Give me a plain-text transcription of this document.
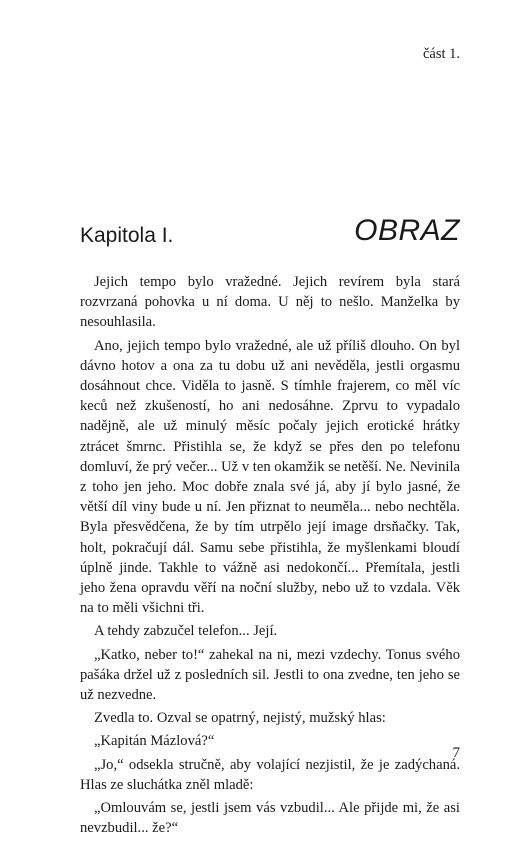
část 1.
Kapitola I.	OBRAZ

Jejich tempo bylo vražedné. Jejich revírem byla stará rozvrzaná pohovka u ní doma. U něj to nešlo. Manželka by nesouhlasila.

Ano, jejich tempo bylo vražedné, ale už příliš dlouho. On byl dávno hotov a ona za tu dobu už ani nevěděla, jestli orgasmu dosáhnout chce. Viděla to jasně. S tímhle frajerem, co měl víc keců než zkušeností, ho ani nedosáhne. Zprvu to vypadalo nadějně, ale už minulý měsíc počaly jejich erotické hrátky ztrácet šmrnc. Přistihla se, že když se přes den po telefonu domluví, že prý večer... Už v ten okamžik se netěší. Ne. Nevinila z toho jen jeho. Moc dobře znala své já, aby jí bylo jasné, že větší díl viny bude u ní. Jen přiznat to neuměla... nebo nechtěla. Byla přesvědčena, že by tím utrpělo její image drsňačky. Tak, holt, pokračují dál. Samu sebe přistihla, že myšlenkami bloudí úplně jinde. Takhle to vážně asi nedokončí... Přemítala, jestli jeho žena opravdu věří na noční služby, nebo už to vzdala. Věk na to měli všichni tři.

A tehdy zabzučel telefon... Její.

„Katko, neber to!“ zahekal na ni, mezi vzdechy. Tonus svého pašáka držel už z posledních sil. Jestli to ona zvedne, ten jeho se už nezvedne.

Zvedla to. Ozval se opatrný, nejistý, mužský hlas:

„Kapitán Mázlová?“

„Jo,“ odsekla stručně, aby volající nezjistil, že je zadýchaná. Hlas ze sluchátka zněl mladě:

„Omlouvám se, jestli jsem vás vzbudil... Ale přijde mi, že asi nevzbudil... že?“

7
